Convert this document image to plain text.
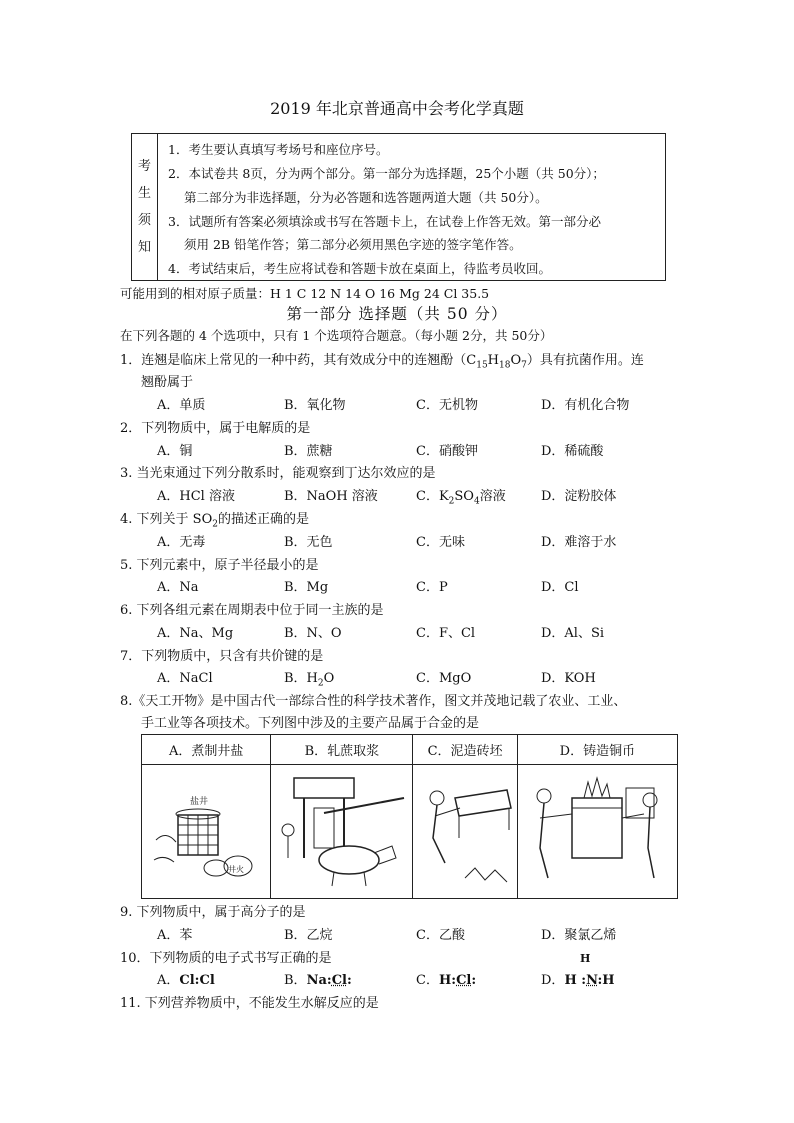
2019 年北京普通高中会考化学真题
考
生
须
知
1．考生要认真填写考场号和座位序号。
2．本试卷共 8页，分为两个部分。第一部分为选择题，25个小题（共 50分）；
第二部分为非选择题，分为必答题和选答题两道大题（共 50分）。
3．试题所有答案必须填涂或书写在答题卡上，在试卷上作答无效。第一部分必
须用 2B 铅笔作答；第二部分必须用黑色字迹的签字笔作答。
4．考试结束后，考生应将试卷和答题卡放在桌面上，待监考员收回。
可能用到的相对原子质量：H 1 C 12 N 14 O 16 Mg 24 Cl 35.5
第一部分 选择题（共 50 分）
在下列各题的 4 个选项中，只有 1 个选项符合题意。（每小题 2分，共 50分）
1．连翘是临床上常见的一种中药，其有效成分中的连翘酚$(C_{15}H_{18}O_7)$具有抗菌作用。连
翘酚属于
A．单质	B．氧化物	C．无机物	D．有机化合物
2．下列物质中，属于电解质的是
A．铜	B．蔗糖	C．硝酸钾	D．稀硫酸
3. 当光束通过下列分散系时，能观察到丁达尔效应的是
A．HCl 溶液	B．NaOH 溶液	C．$K_2SO_4$溶液	D．淀粉胶体
4. 下列关于 $SO_2$的描述正确的是
A．无毒	B．无色	C．无味	D．难溶于水
5. 下列元素中，原子半径最小的是
A．Na	B．Mg	C．P	D．Cl
6. 下列各组元素在周期表中位于同一主族的是
A．Na、Mg	B．N、O	C．F、Cl	D．Al、Si
7．下列物质中，只含有共价键的是
A．NaCl	B．$H_2O$	C．MgO	D．KOH
8.《天工开物》是中国古代一部综合性的科学技术著作，图文并茂地记载了农业、工业、
手工业等各项技术。下列图中涉及的主要产品属于合金的是
A．煮制井盐	B．轧蔗取浆	C．泥造砖坯	D．铸造铜币

盐井
井火

9. 下列物质中，属于高分子的是
A．苯	B．乙烷	C．乙酸	D．聚氯乙烯
10．下列物质的电子式书写正确的是	H
A．Cl:Cl	B．Na:Cl:	C．H:Cl:	D．H :N:H
11. 下列营养物质中，不能发生水解反应的是
